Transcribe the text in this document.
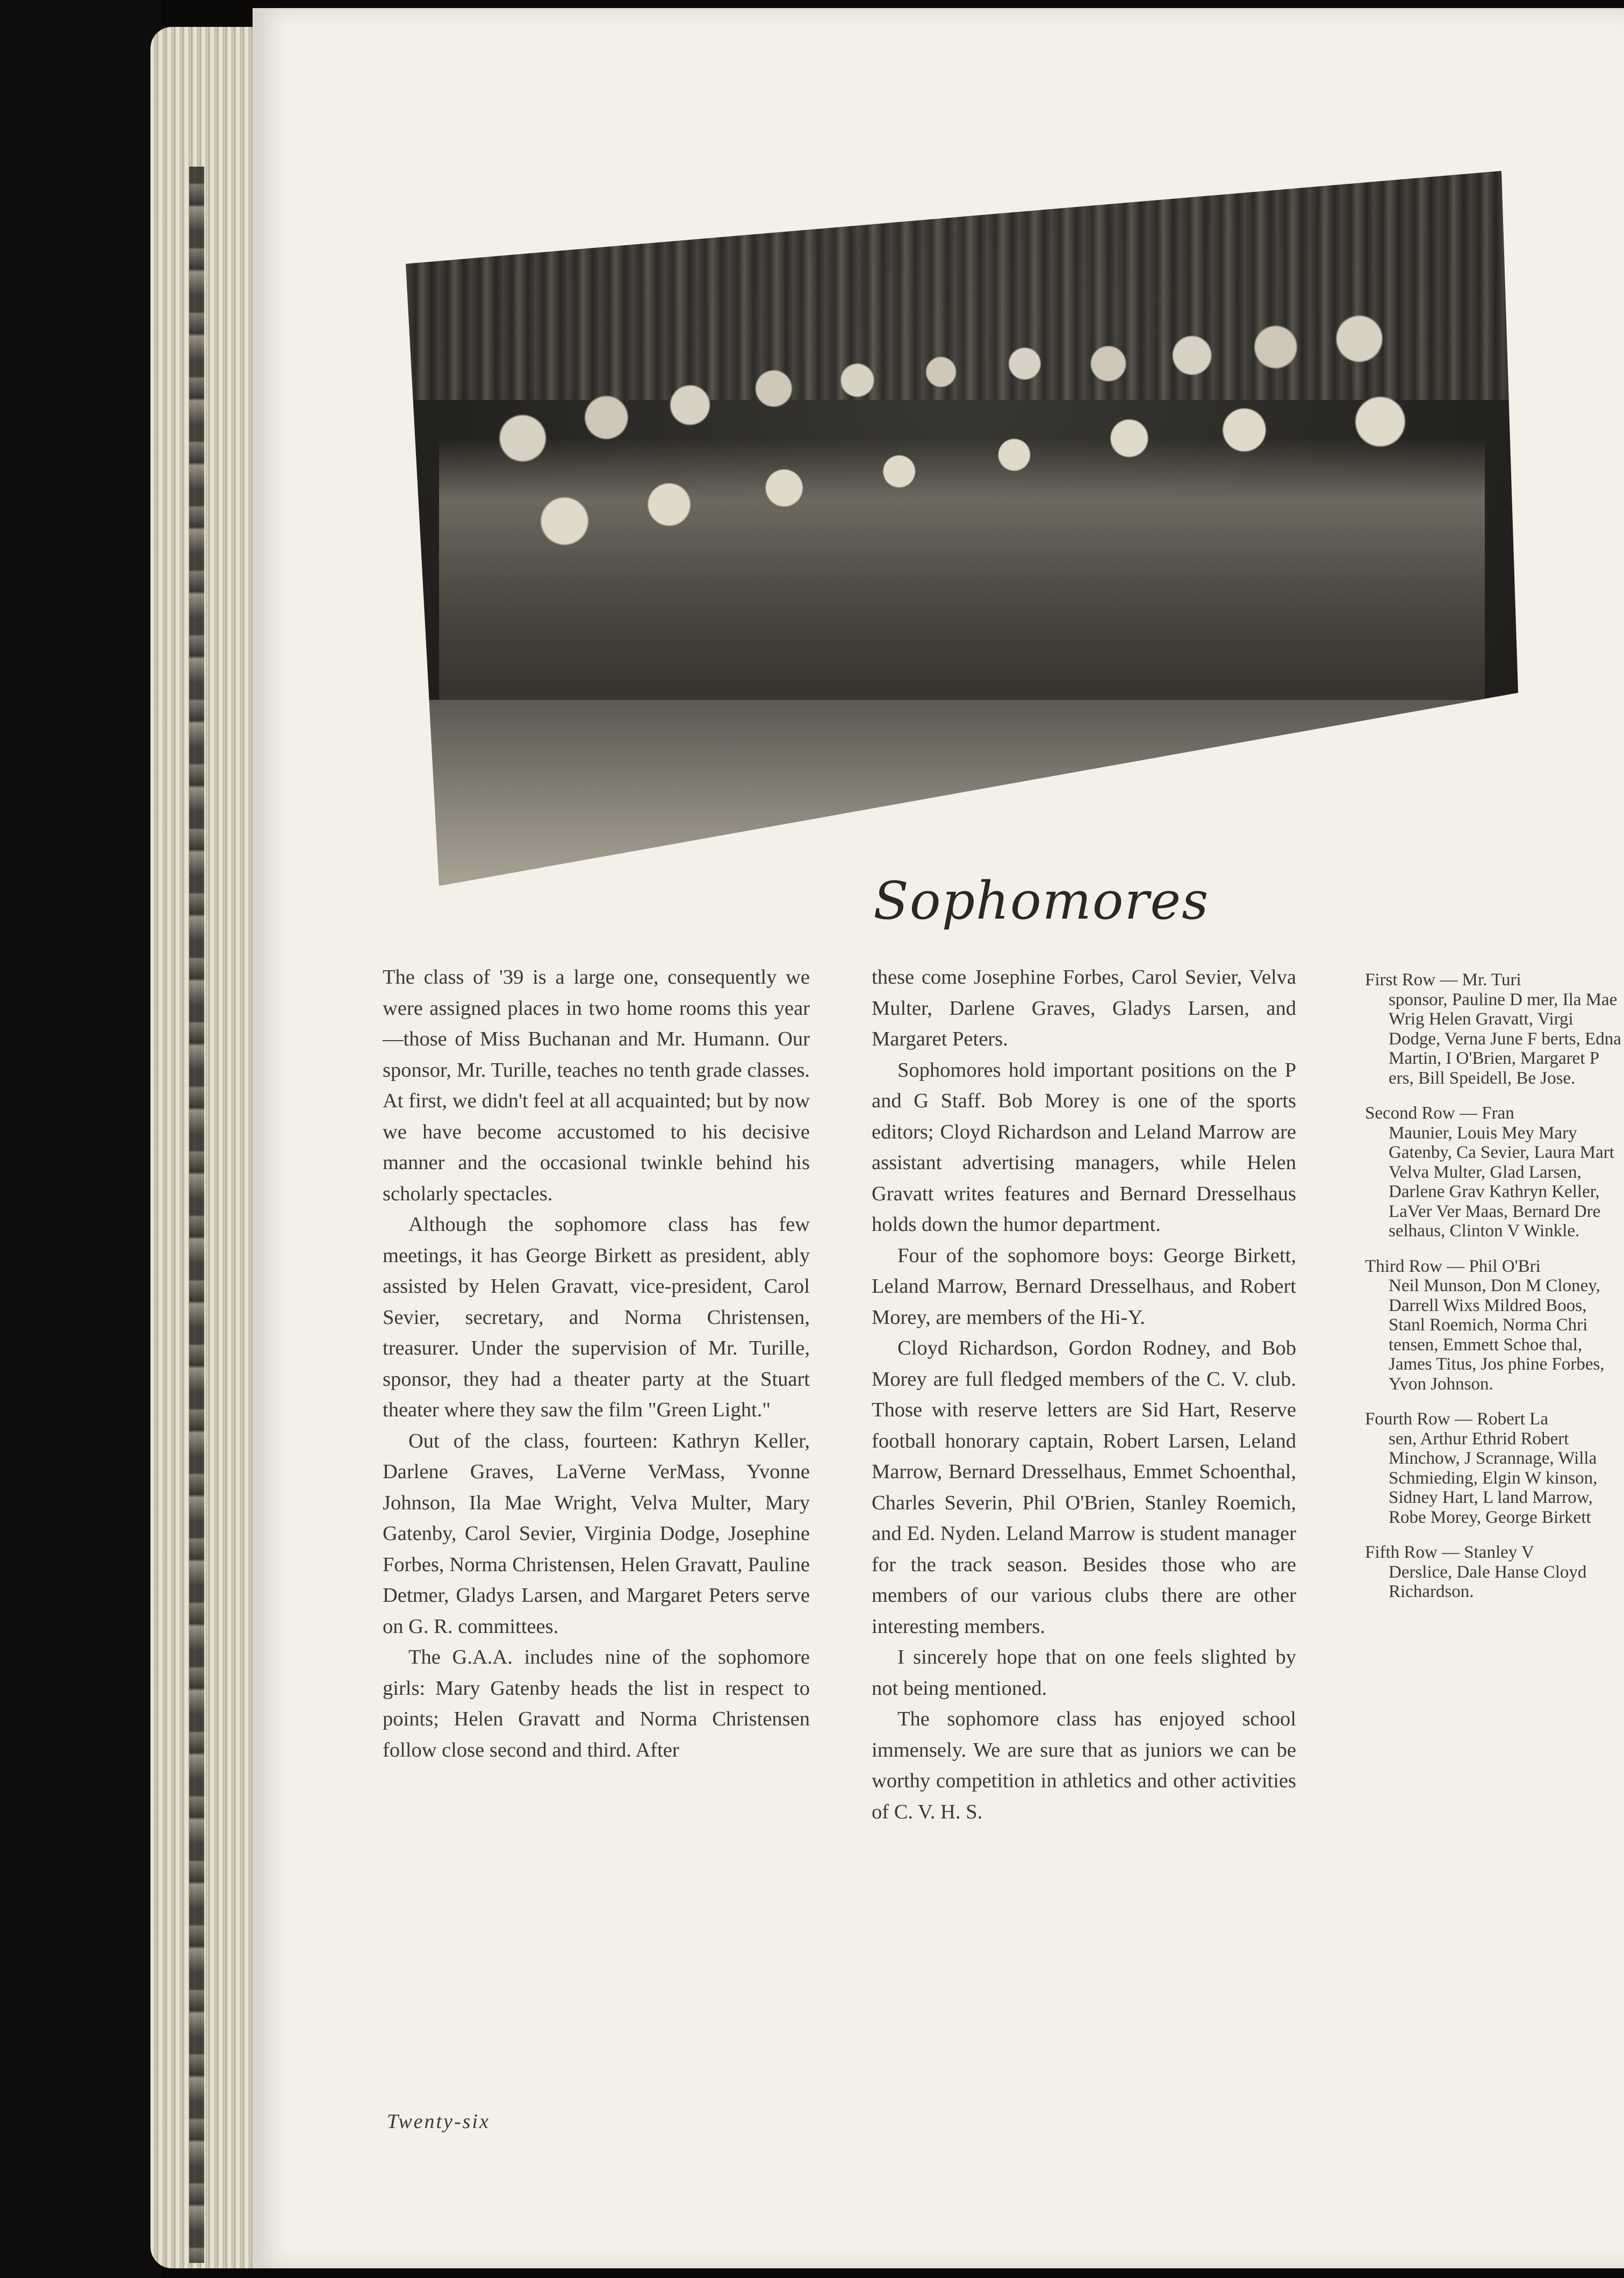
Sophomores

The class of '39 is a large one, consequently we were assigned places in two home rooms this year—those of Miss Buchanan and Mr. Humann. Our sponsor, Mr. Turille, teaches no tenth grade classes. At first, we didn't feel at all acquainted; but by now we have become accustomed to his decisive manner and the occasional twinkle behind his scholarly spectacles.

Although the sophomore class has few meetings, it has George Birkett as president, ably assisted by Helen Gravatt, vice-president, Carol Sevier, secretary, and Norma Christensen, treasurer. Under the supervision of Mr. Turille, sponsor, they had a theater party at the Stuart theater where they saw the film "Green Light."

Out of the class, fourteen: Kathryn Keller, Darlene Graves, LaVerne VerMass, Yvonne Johnson, Ila Mae Wright, Velva Multer, Mary Gatenby, Carol Sevier, Virginia Dodge, Josephine Forbes, Norma Christensen, Helen Gravatt, Pauline Detmer, Gladys Larsen, and Margaret Peters serve on G. R. committees.

The G.A.A. includes nine of the sophomore girls: Mary Gatenby heads the list in respect to points; Helen Gravatt and Norma Christensen follow close second and third. After

these come Josephine Forbes, Carol Sevier, Velva Multer, Darlene Graves, Gladys Larsen, and Margaret Peters.

Sophomores hold important positions on the P and G Staff. Bob Morey is one of the sports editors; Cloyd Richardson and Leland Marrow are assistant advertising managers, while Helen Gravatt writes features and Bernard Dresselhaus holds down the humor department.

Four of the sophomore boys: George Birkett, Leland Marrow, Bernard Dresselhaus, and Robert Morey, are members of the Hi-Y.

Cloyd Richardson, Gordon Rodney, and Bob Morey are full fledged members of the C. V. club. Those with reserve letters are Sid Hart, Reserve football honorary captain, Robert Larsen, Leland Marrow, Bernard Dresselhaus, Emmet Schoenthal, Charles Severin, Phil O'Brien, Stanley Roemich, and Ed. Nyden. Leland Marrow is student manager for the track season. Besides those who are members of our various clubs there are other interesting members.

I sincerely hope that on one feels slighted by not being mentioned.

The sophomore class has enjoyed school immensely. We are sure that as juniors we can be worthy competition in athletics and other activities of C. V. H. S.

First Row — Mr. Turi
sponsor, Pauline D mer, Ila Mae Wrig Helen Gravatt, Virgi Dodge, Verna June F berts, Edna Martin, I O'Brien, Margaret P ers, Bill Speidell, Be Jose.
Second Row — Fran
Maunier, Louis Mey Mary Gatenby, Ca Sevier, Laura Mart Velva Multer, Glad Larsen, Darlene Grav Kathryn Keller, LaVer Ver Maas, Bernard Dre selhaus, Clinton V Winkle.
Third Row — Phil O'Bri
Neil Munson, Don M Cloney, Darrell Wixs Mildred Boos, Stanl Roemich, Norma Chri tensen, Emmett Schoe thal, James Titus, Jos phine Forbes, Yvon Johnson.
Fourth Row — Robert La
sen, Arthur Ethrid Robert Minchow, J Scrannage, Willa Schmieding, Elgin W kinson, Sidney Hart, L land Marrow, Robe Morey, George Birkett
Fifth Row — Stanley V
Derslice, Dale Hanse Cloyd Richardson.
Twenty-six
